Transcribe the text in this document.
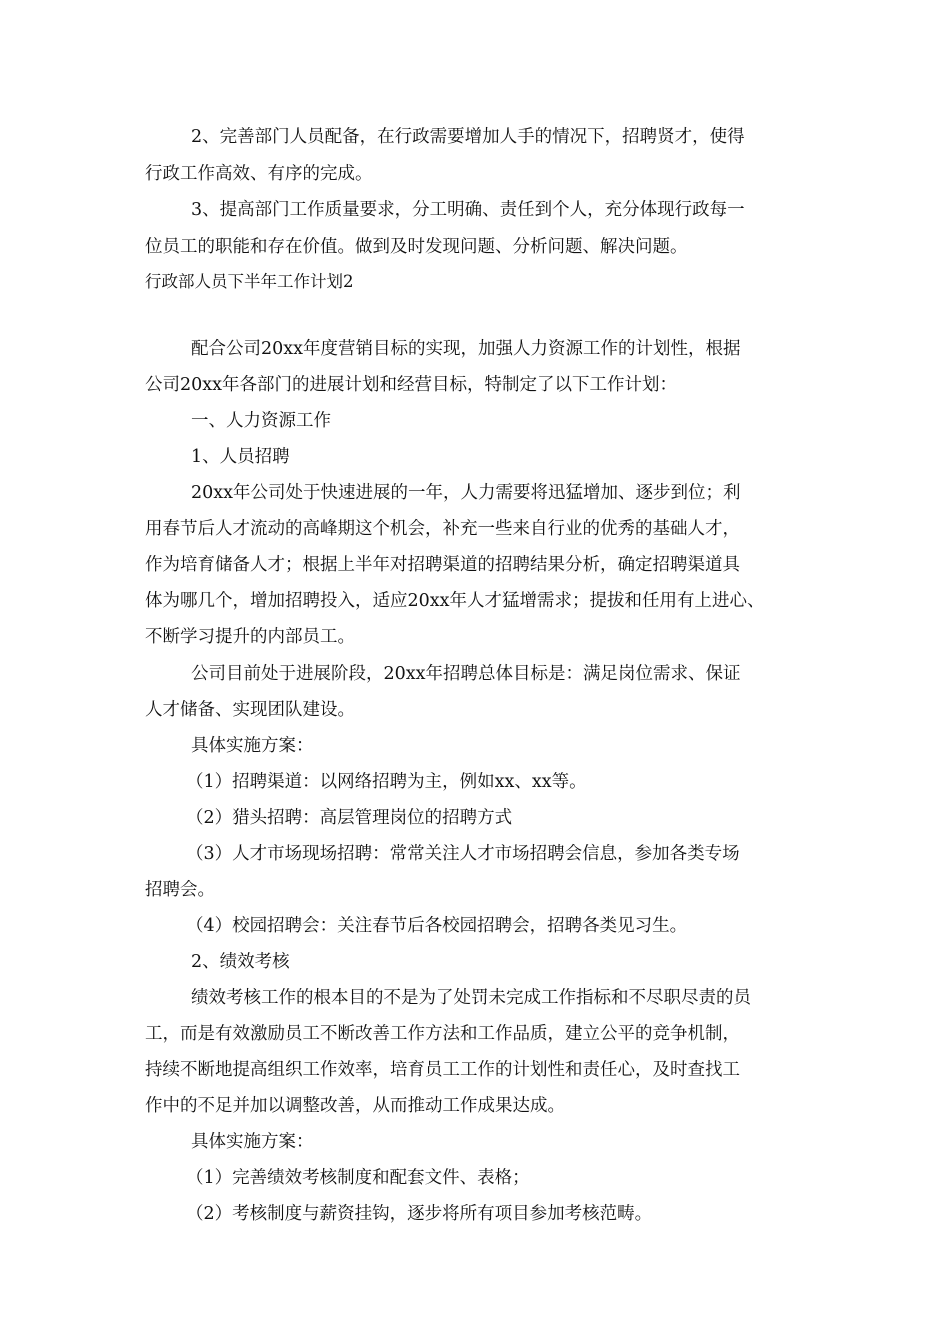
2、完善部门人员配备，在行政需要增加人手的情况下，招聘贤才，使得
行政工作高效、有序的完成。
3、提高部门工作质量要求，分工明确、责任到个人，充分体现行政每一
位员工的职能和存在价值。做到及时发现问题、分析问题、解决问题。
行政部人员下半年工作计划2
配合公司20xx年度营销目标的实现，加强人力资源工作的计划性，根据
公司20xx年各部门的进展计划和经营目标，特制定了以下工作计划：
一、人力资源工作
1、人员招聘
20xx年公司处于快速进展的一年，人力需要将迅猛增加、逐步到位；利
用春节后人才流动的高峰期这个机会，补充一些来自行业的优秀的基础人才，
作为培育储备人才；根据上半年对招聘渠道的招聘结果分析，确定招聘渠道具
体为哪几个，增加招聘投入，适应20xx年人才猛增需求；提拔和任用有上进心、
不断学习提升的内部员工。
公司目前处于进展阶段，20xx年招聘总体目标是：满足岗位需求、保证
人才储备、实现团队建设。
具体实施方案：
（1）招聘渠道：以网络招聘为主，例如xx、xx等。
（2）猎头招聘：高层管理岗位的招聘方式
（3）人才市场现场招聘：常常关注人才市场招聘会信息，参加各类专场
招聘会。
（4）校园招聘会：关注春节后各校园招聘会，招聘各类见习生。
2、绩效考核
绩效考核工作的根本目的不是为了处罚未完成工作指标和不尽职尽责的员
工，而是有效激励员工不断改善工作方法和工作品质，建立公平的竞争机制，
持续不断地提高组织工作效率，培育员工工作的计划性和责任心，及时查找工
作中的不足并加以调整改善，从而推动工作成果达成。
具体实施方案：
（1）完善绩效考核制度和配套文件、表格；
（2）考核制度与薪资挂钩，逐步将所有项目参加考核范畴。
